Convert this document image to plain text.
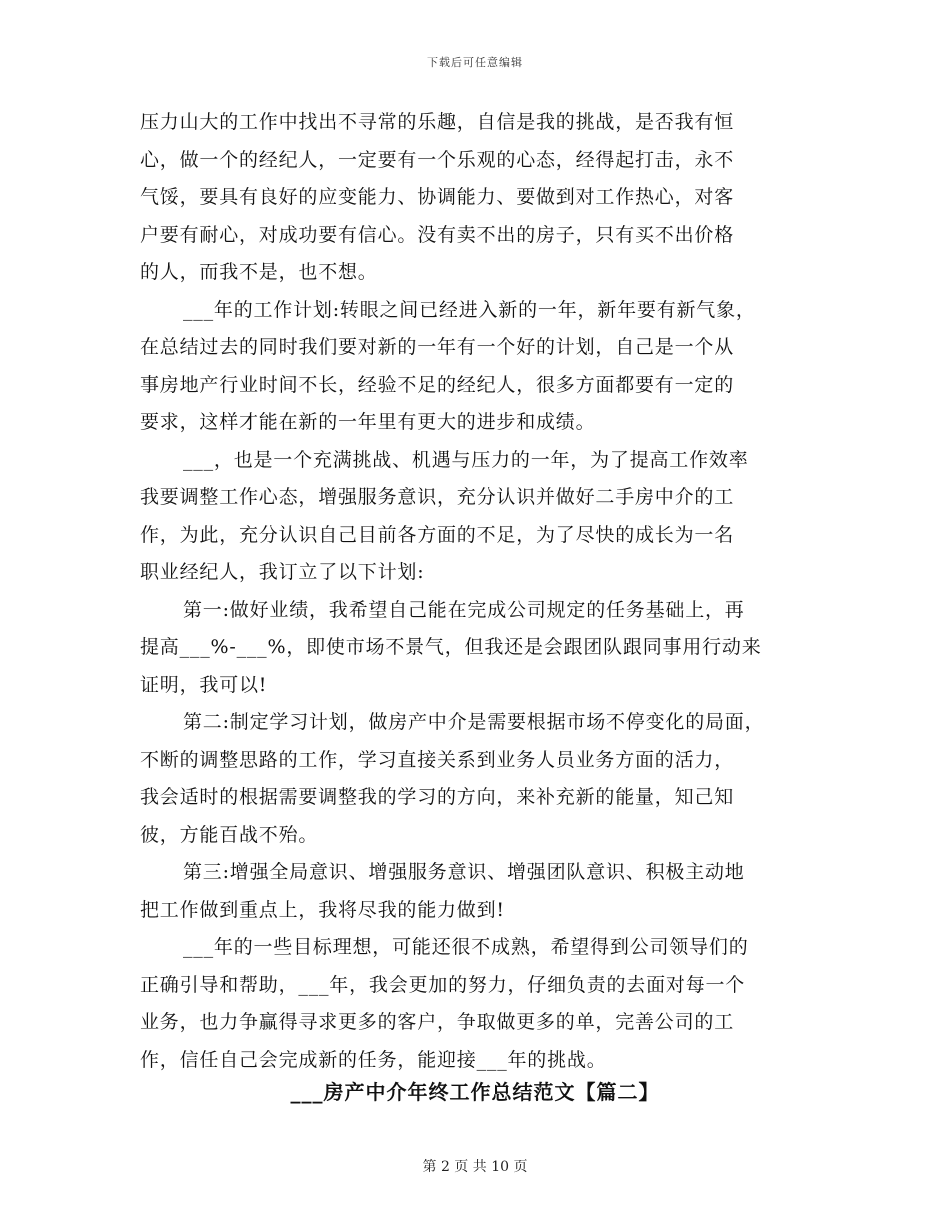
下载后可任意编辑
压力山大的工作中找出不寻常的乐趣，自信是我的挑战，是否我有恒
心，做一个的经纪人，一定要有一个乐观的心态，经得起打击，永不
气馁，要具有良好的应变能力、协调能力、要做到对工作热心，对客
户要有耐心，对成功要有信心。没有卖不出的房子，只有买不出价格
的人，而我不是，也不想。
___年的工作计划:转眼之间已经进入新的一年，新年要有新气象，
在总结过去的同时我们要对新的一年有一个好的计划，自己是一个从
事房地产行业时间不长，经验不足的经纪人，很多方面都要有一定的
要求，这样才能在新的一年里有更大的进步和成绩。
___，也是一个充满挑战、机遇与压力的一年，为了提高工作效率
我要调整工作心态，增强服务意识，充分认识并做好二手房中介的工
作，为此，充分认识自己目前各方面的不足，为了尽快的成长为一名
职业经纪人，我订立了以下计划:
第一:做好业绩，我希望自己能在完成公司规定的任务基础上，再
提高___%-___%，即使市场不景气，但我还是会跟团队跟同事用行动来
证明，我可以!
第二:制定学习计划，做房产中介是需要根据市场不停变化的局面，
不断的调整思路的工作，学习直接关系到业务人员业务方面的活力，
我会适时的根据需要调整我的学习的方向，来补充新的能量，知己知
彼，方能百战不殆。
第三:增强全局意识、增强服务意识、增强团队意识、积极主动地
把工作做到重点上，我将尽我的能力做到!
___年的一些目标理想，可能还很不成熟，希望得到公司领导们的
正确引导和帮助，___年，我会更加的努力，仔细负责的去面对每一个
业务，也力争赢得寻求更多的客户，争取做更多的单，完善公司的工
作，信任自己会完成新的任务，能迎接___年的挑战。
___房产中介年终工作总结范文【篇二】
第 2 页 共 10 页
